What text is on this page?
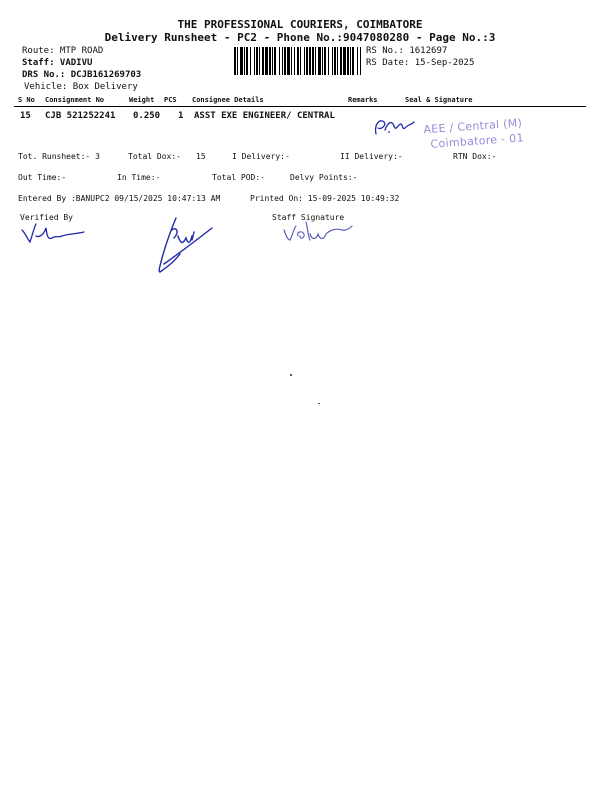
THE PROFESSIONAL COURIERS, COIMBATORE
Delivery Runsheet - PC2 - Phone No.:9047080280 - Page No.:3
Route: MTP ROAD
Staff: VADIVU
DRS No.: DCJB161269703
Vehicle: Box Delivery
RS No.: 1612697
RS Date: 15-Sep-2025
S No Consignment No	Weight PCS Consignee Details	Remarks	Seal & Signature
15 CJB 521252241 0.250 1 ASST EXE ENGINEER/ CENTRAL
AEE / Central (M)
Coimbatore - 01
Tot. Runsheet:- 3	Total Dox:- 15	I Delivery:-	II Delivery:-	RTN Dox:-
Out Time:-	In Time:-	Total POD:-	Delvy Points:-
Entered By :BANUPC2 09/15/2025 10:47:13 AM	Printed On: 15-09-2025 10:49:32
Verified By	Staff Signature
